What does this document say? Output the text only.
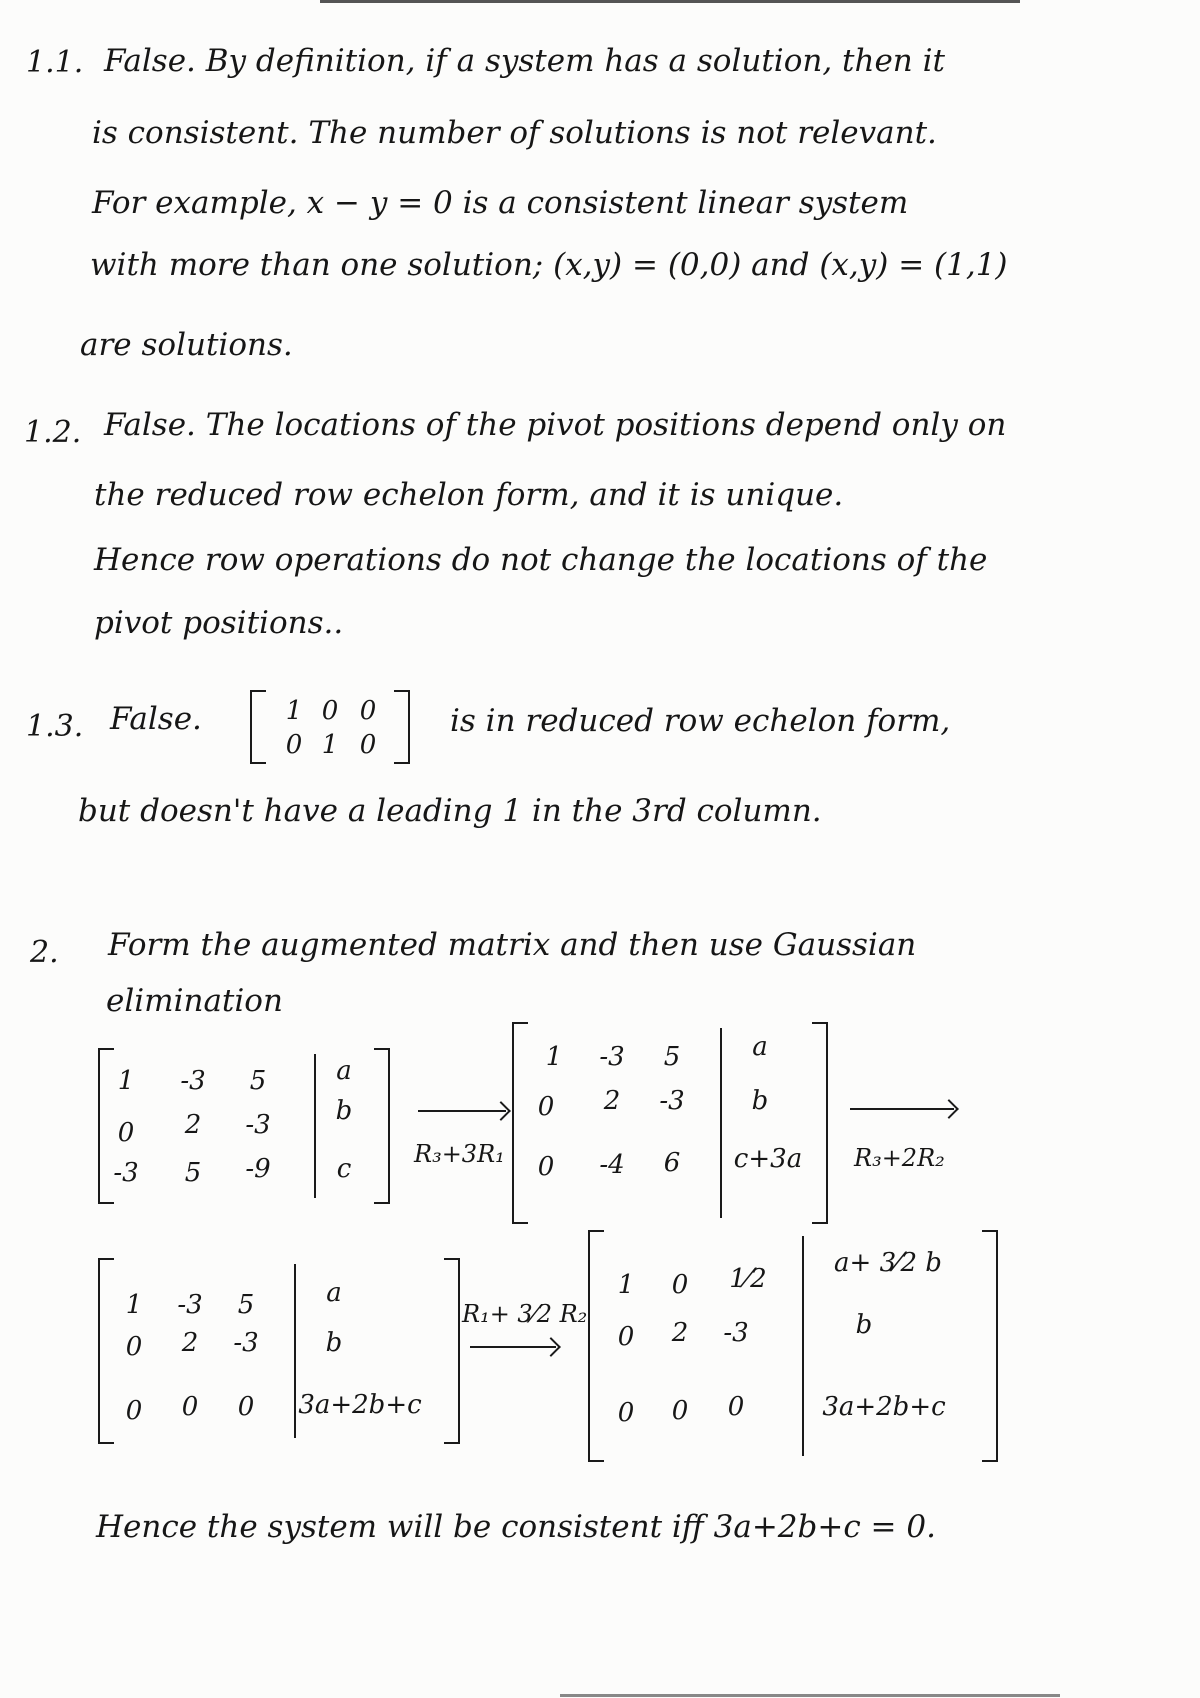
1.1. False. By definition, if a system has a solution, then it
is consistent. The number of solutions is not relevant.
For example, x − y = 0 is a consistent linear system
with more than one solution; (x,y) = (0,0) and (x,y) = (1,1)
are solutions.
1.2. False. The locations of the pivot positions depend only on
the reduced row echelon form, and it is unique.
Hence row operations do not change the locations of the
pivot positions..
1.3. False.	1 0 0
0 1 0
is in reduced row echelon form,
but doesn't have a leading 1 in the 3rd column.
2. Form the augmented matrix and then use Gaussian
elimination
1 -3 5
0 2 -3
-3 5 -9
a
b
c	R₃+3R₁
1 -3 5
0 2 -3
0 -4 6
a
b
c+3a R₃+2R₂
1 -3 5
0 2 -3
0 0 0
a
b
3a+2b+c
R₁+ 3⁄2 R₂
1 0 1⁄2
0 2 -3
0 0 0
a+ 3⁄2 b
b
3a+2b+c
Hence the system will be consistent iff 3a+2b+c = 0.
